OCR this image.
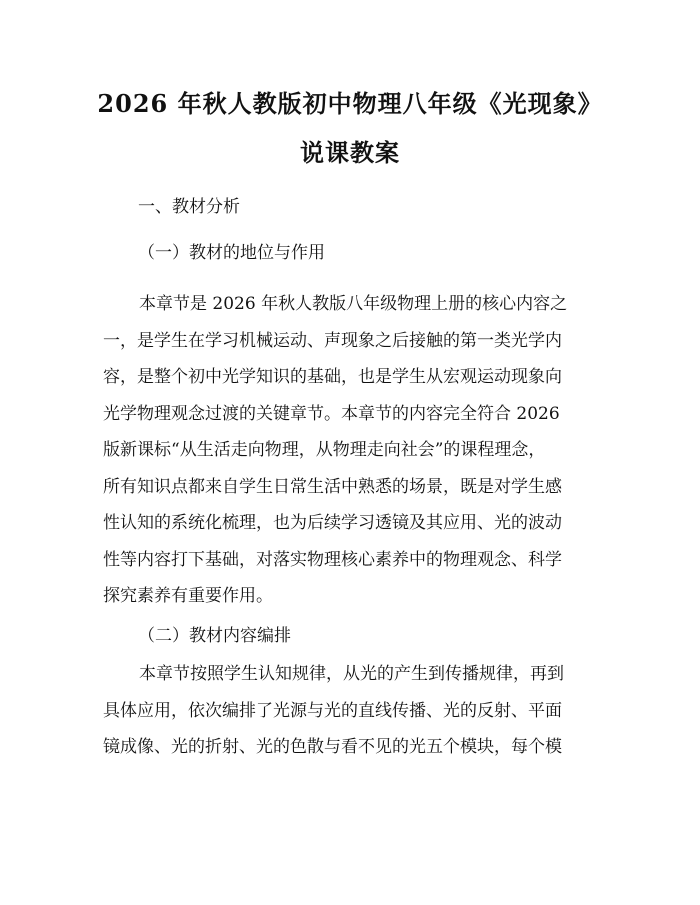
2026 年秋人教版初中物理八年级《光现象》
说课教案
一、教材分析
（一）教材的地位与作用
本章节是 2026 年秋人教版八年级物理上册的核心内容之
一，是学生在学习机械运动、声现象之后接触的第一类光学内
容，是整个初中光学知识的基础，也是学生从宏观运动现象向
光学物理观念过渡的关键章节。本章节的内容完全符合 2026
版新课标“从生活走向物理，从物理走向社会”的课程理念，
所有知识点都来自学生日常生活中熟悉的场景，既是对学生感
性认知的系统化梳理，也为后续学习透镜及其应用、光的波动
性等内容打下基础，对落实物理核心素养中的物理观念、科学
探究素养有重要作用。
（二）教材内容编排
本章节按照学生认知规律，从光的产生到传播规律，再到
具体应用，依次编排了光源与光的直线传播、光的反射、平面
镜成像、光的折射、光的色散与看不见的光五个模块，每个模
